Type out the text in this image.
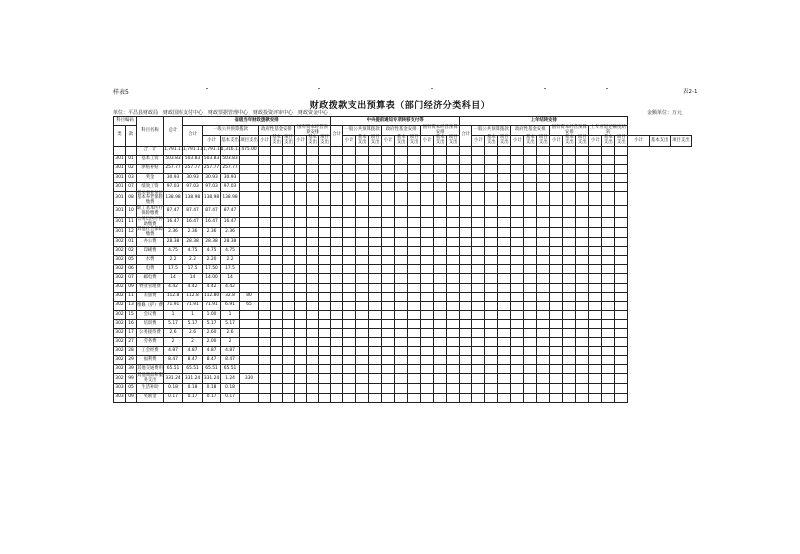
样表5	表2-1
财政拨款支出预算表（部门经济分类科目）
单位：平昌县财政局　财政国库支付中心　财政票据管理中心　财政投资评审中心　财政资金中心	金额单位：万元
科目编码		科目名称	总计	省级当年财政拨款安排										中央提前通知专项转移支付等										上年结转安排															
类	款			合计	一般公共预算拨款			政府性基金安排			国有资本经营预算安排			合计	一般公共预算拨款			政府性基金安排			国有资本经营预算安排			合计	一般公共预算拨款			政府性基金安排			国有资本经营预算安排			上年应返还额度结转					

					小计	基本支出	项目支出	小计	基本支出	项目支出	小计	基本支出	项目支出		小计	基本支出	项目支出	小计	基本支出	项目支出	小计	基本支出	项目支出		小计	基本支出	项目支出	小计	基本支出	项目支出	小计	基本支出	项目支出	小计	基本支出	项目支出	小计	基本支出	项目支出
		合　计	1,791.11	1,791.11	1,791.11	1,316.11	475.00																																
301	01	基本工资	503.83	503.83	503.83	503.83																																	
301	02	津贴补贴	257.77	257.77	257.77	257.77																																	
301	03	奖金	30.93	30.93	30.93	30.93																																	
301	07	绩效工资	97.03	97.03	97.03	97.03																																	
301	08	机关事业单位基本养老保险缴费	138.98	138.98	138.98	138.98																																	
301	10	职工基本医疗保险缴费	87.47	87.47	87.47	87.47																																	
301	11	公务员医疗补助缴费	16.47	16.47	16.47	16.47																																	
301	12	其他社会保障缴费	2.36	2.36	2.36	2.36																																	
302	01	办公费	28.38	28.38	28.38	28.38																																	
302	02	印刷费	4.75	4.75	4.75	4.75																																	
302	05	水费	2.2	2.2	2.20	2.2																																	
302	06	电费	17.5	17.5	17.50	17.5																																	
302	07	邮电费	14	14	14.00	14																																	
302	09	物业管理费	4.42	4.42	4.42	4.42																																	
302	11	差旅费	112.8	112.8	112.80	32.8	80																																
302	13	维修（护）费	71.91	71.91	71.91	6.91	65																																
302	15	会议费	1	1	1.00	1																																	
302	16	培训费	5.17	5.17	5.17	5.17																																	
302	17	公务接待费	2.6	2.6	2.60	2.6																																	
302	27	劳务费	2	2	2.00	2																																	
302	28	工会经费	4.87	4.87	4.87	4.87																																	
302	29	福利费	8.47	8.47	8.47	8.47																																	
302	39	其他交通费用	65.51	65.51	65.51	65.51																																	
302	99	其他商品和服务支出	331.24	331.24	331.24	1.24	330																																
303	05	生活补助	0.18	0.18	0.18	0.18																																	
303	09	奖励金	0.17	0.17	0.17	0.17																																	
